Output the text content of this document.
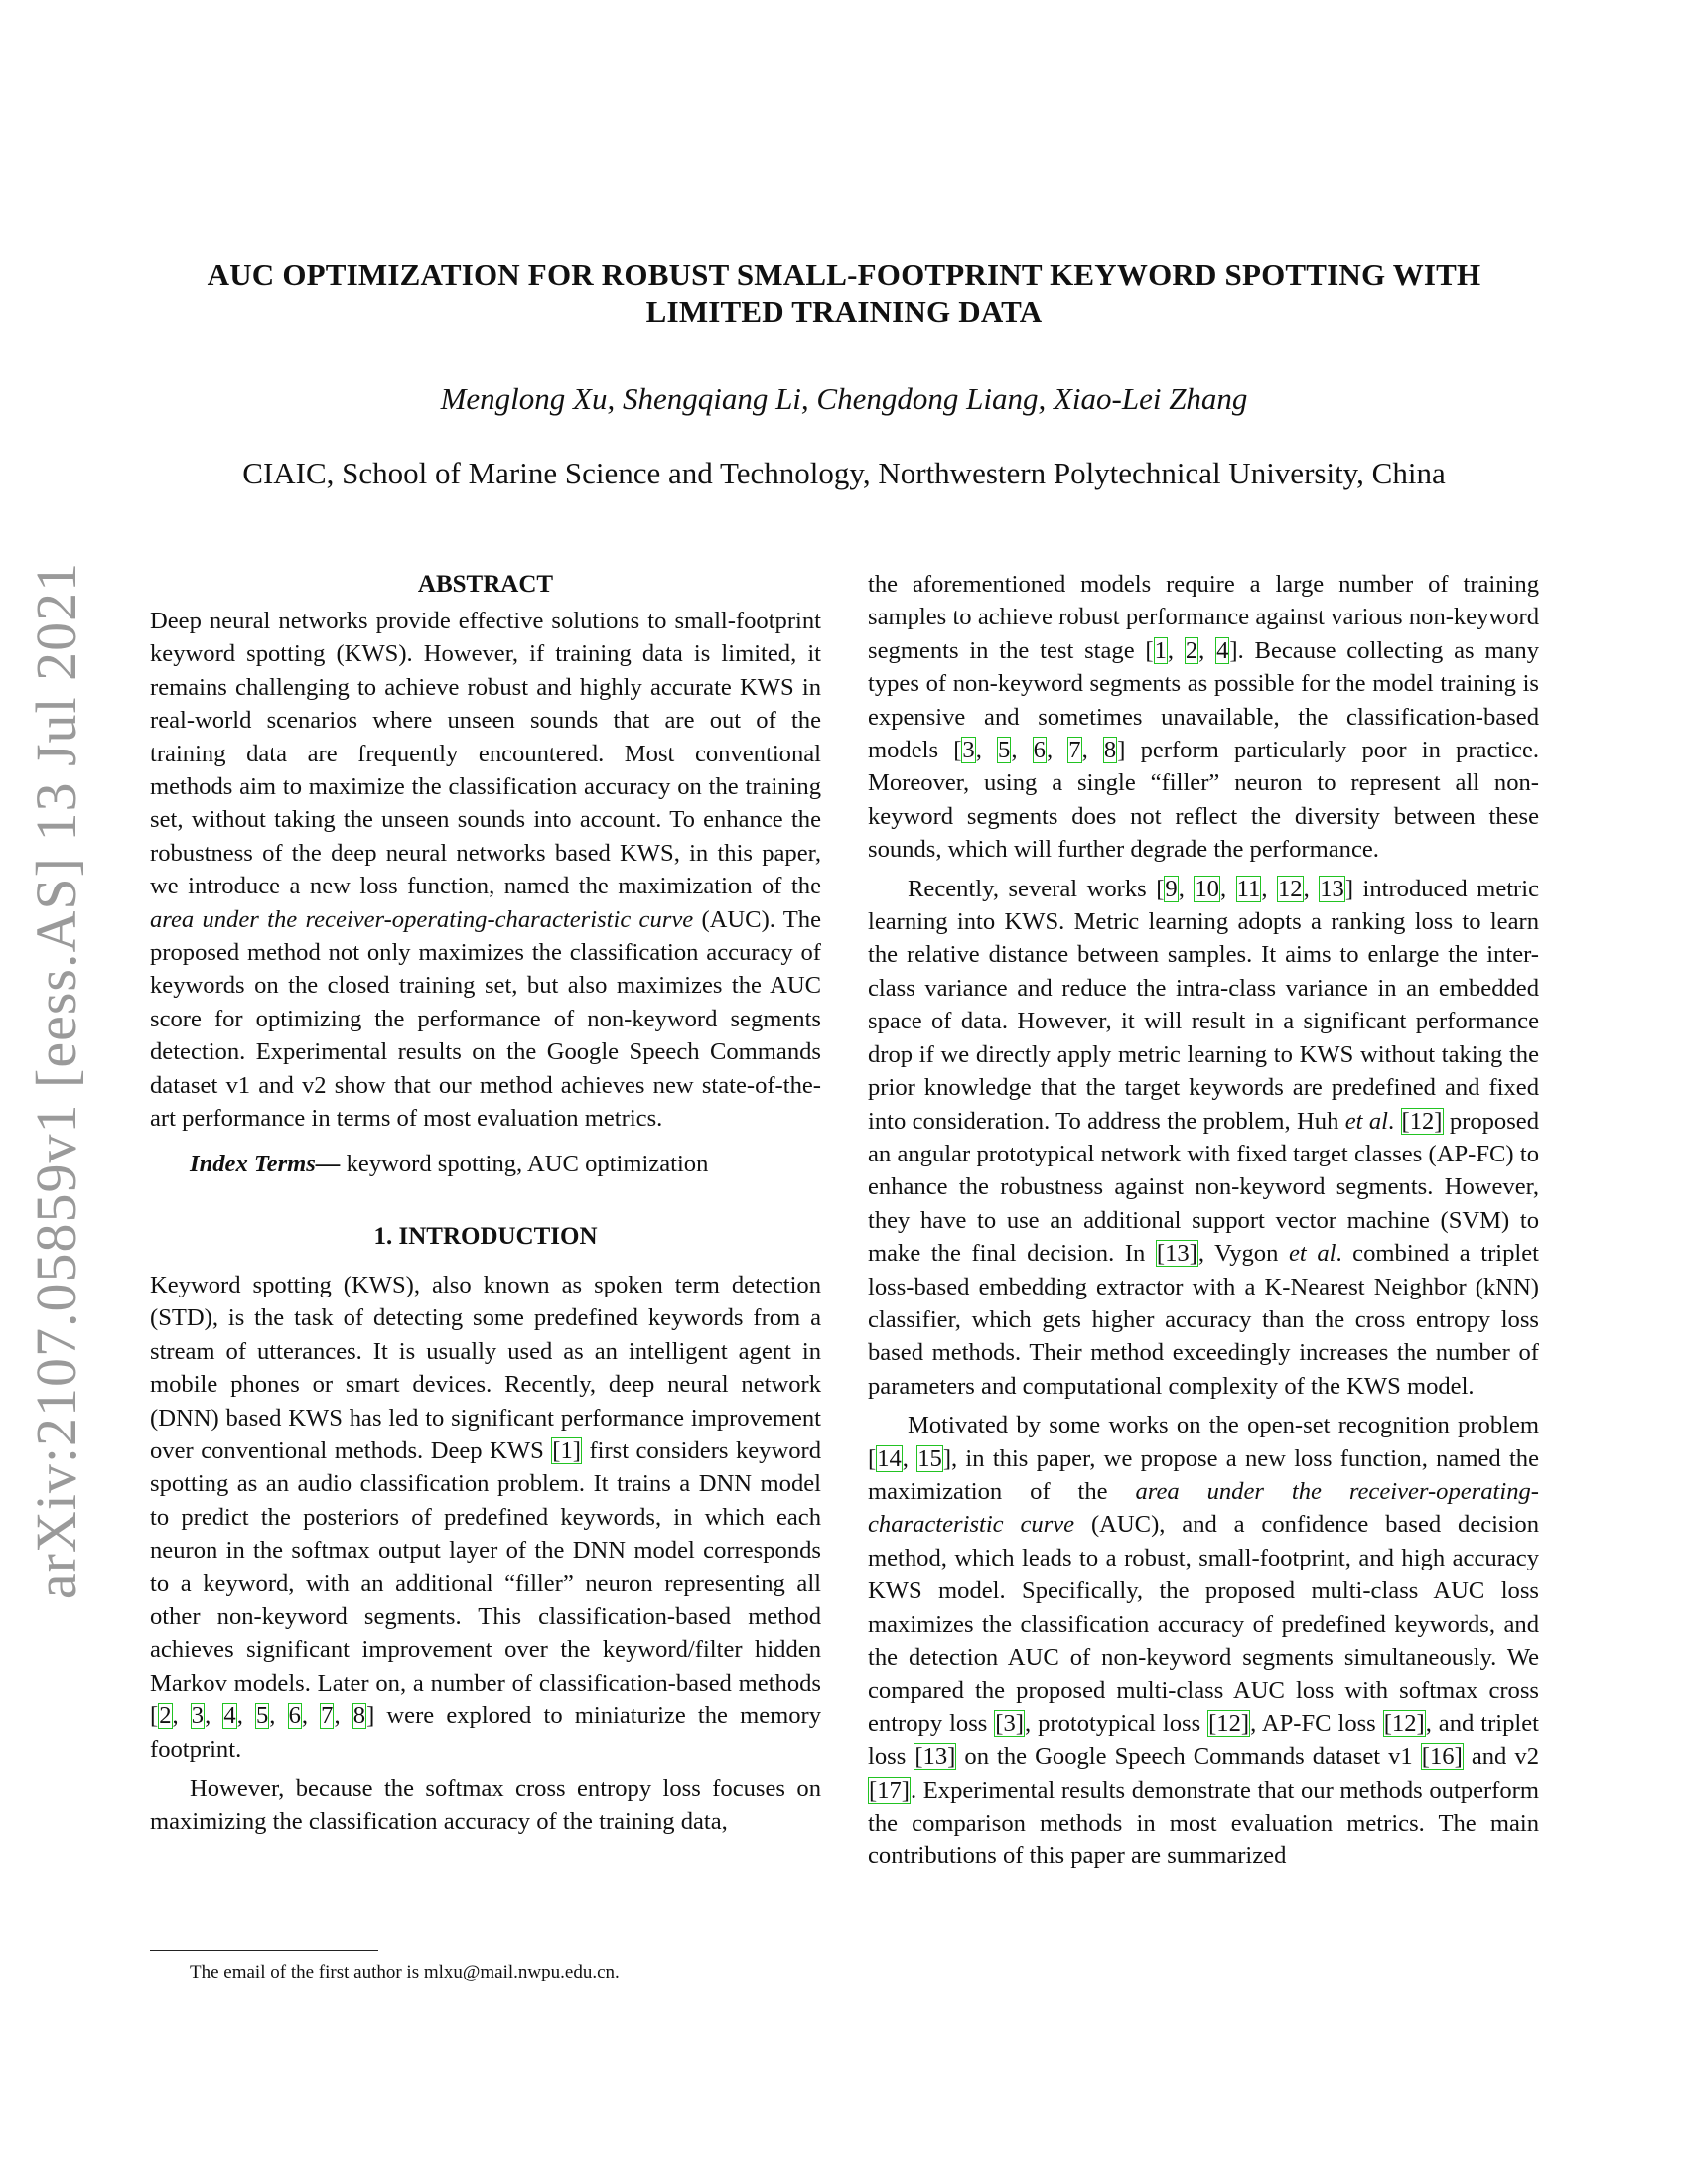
arXiv:2107.05859v1 [eess.AS] 13 Jul 2021
AUC OPTIMIZATION FOR ROBUST SMALL-FOOTPRINT KEYWORD SPOTTING WITH
LIMITED TRAINING DATA
Menglong Xu, Shengqiang Li, Chengdong Liang, Xiao-Lei Zhang
CIAIC, School of Marine Science and Technology, Northwestern Polytechnical University, China
ABSTRACT

Deep neural networks provide effective solutions to small-footprint keyword spotting (KWS). However, if training data is limited, it remains challenging to achieve robust and highly accurate KWS in real-world scenarios where unseen sounds that are out of the training data are frequently encountered. Most conventional methods aim to maximize the classification accuracy on the training set, without taking the unseen sounds into account. To enhance the robustness of the deep neural networks based KWS, in this paper, we introduce a new loss function, named the maximization of the area under the receiver-operating-characteristic curve (AUC). The proposed method not only maximizes the classification accuracy of keywords on the closed training set, but also maximizes the AUC score for optimizing the performance of non-keyword segments detection. Experimental results on the Google Speech Commands dataset v1 and v2 show that our method achieves new state-of-the-art performance in terms of most evaluation metrics.

Index Terms— keyword spotting, AUC optimization

1. INTRODUCTION

Keyword spotting (KWS), also known as spoken term detection (STD), is the task of detecting some predefined keywords from a stream of utterances. It is usually used as an intelligent agent in mobile phones or smart devices. Recently, deep neural network (DNN) based KWS has led to significant performance improvement over conventional methods. Deep KWS [1] first considers keyword spotting as an audio classification problem. It trains a DNN model to predict the posteriors of predefined keywords, in which each neuron in the softmax output layer of the DNN model corresponds to a keyword, with an additional “filler” neuron representing all other non-keyword segments. This classification-based method achieves significant improvement over the keyword/filter hidden Markov models. Later on, a number of classification-based methods [2, 3, 4, 5, 6, 7, 8] were explored to miniaturize the memory footprint.

However, because the softmax cross entropy loss focuses on maximizing the classification accuracy of the training data,

The email of the first author is mlxu@mail.nwpu.edu.cn.

the aforementioned models require a large number of training samples to achieve robust performance against various non-keyword segments in the test stage [1, 2, 4]. Because collecting as many types of non-keyword segments as possible for the model training is expensive and sometimes unavailable, the classification-based models [3, 5, 6, 7, 8] perform particularly poor in practice. Moreover, using a single “filler” neuron to represent all non-keyword segments does not reflect the diversity between these sounds, which will further degrade the performance.

Recently, several works [9, 10, 11, 12, 13] introduced metric learning into KWS. Metric learning adopts a ranking loss to learn the relative distance between samples. It aims to enlarge the inter-class variance and reduce the intra-class variance in an embedded space of data. However, it will result in a significant performance drop if we directly apply metric learning to KWS without taking the prior knowledge that the target keywords are predefined and fixed into consideration. To address the problem, Huh et al. [12] proposed an angular prototypical network with fixed target classes (AP-FC) to enhance the robustness against non-keyword segments. However, they have to use an additional support vector machine (SVM) to make the final decision. In [13], Vygon et al. combined a triplet loss-based embedding extractor with a K-Nearest Neighbor (kNN) classifier, which gets higher accuracy than the cross entropy loss based methods. Their method exceedingly increases the number of parameters and computational complexity of the KWS model.

Motivated by some works on the open-set recognition problem [14, 15], in this paper, we propose a new loss function, named the maximization of the area under the receiver-operating-characteristic curve (AUC), and a confidence based decision method, which leads to a robust, small-footprint, and high accuracy KWS model. Specifically, the proposed multi-class AUC loss maximizes the classification accuracy of predefined keywords, and the detection AUC of non-keyword segments simultaneously. We compared the proposed multi-class AUC loss with softmax cross entropy loss [3], prototypical loss [12], AP-FC loss [12], and triplet loss [13] on the Google Speech Commands dataset v1 [16] and v2 [17]. Experimental results demonstrate that our methods outperform the comparison methods in most evaluation metrics. The main contributions of this paper are summarized
